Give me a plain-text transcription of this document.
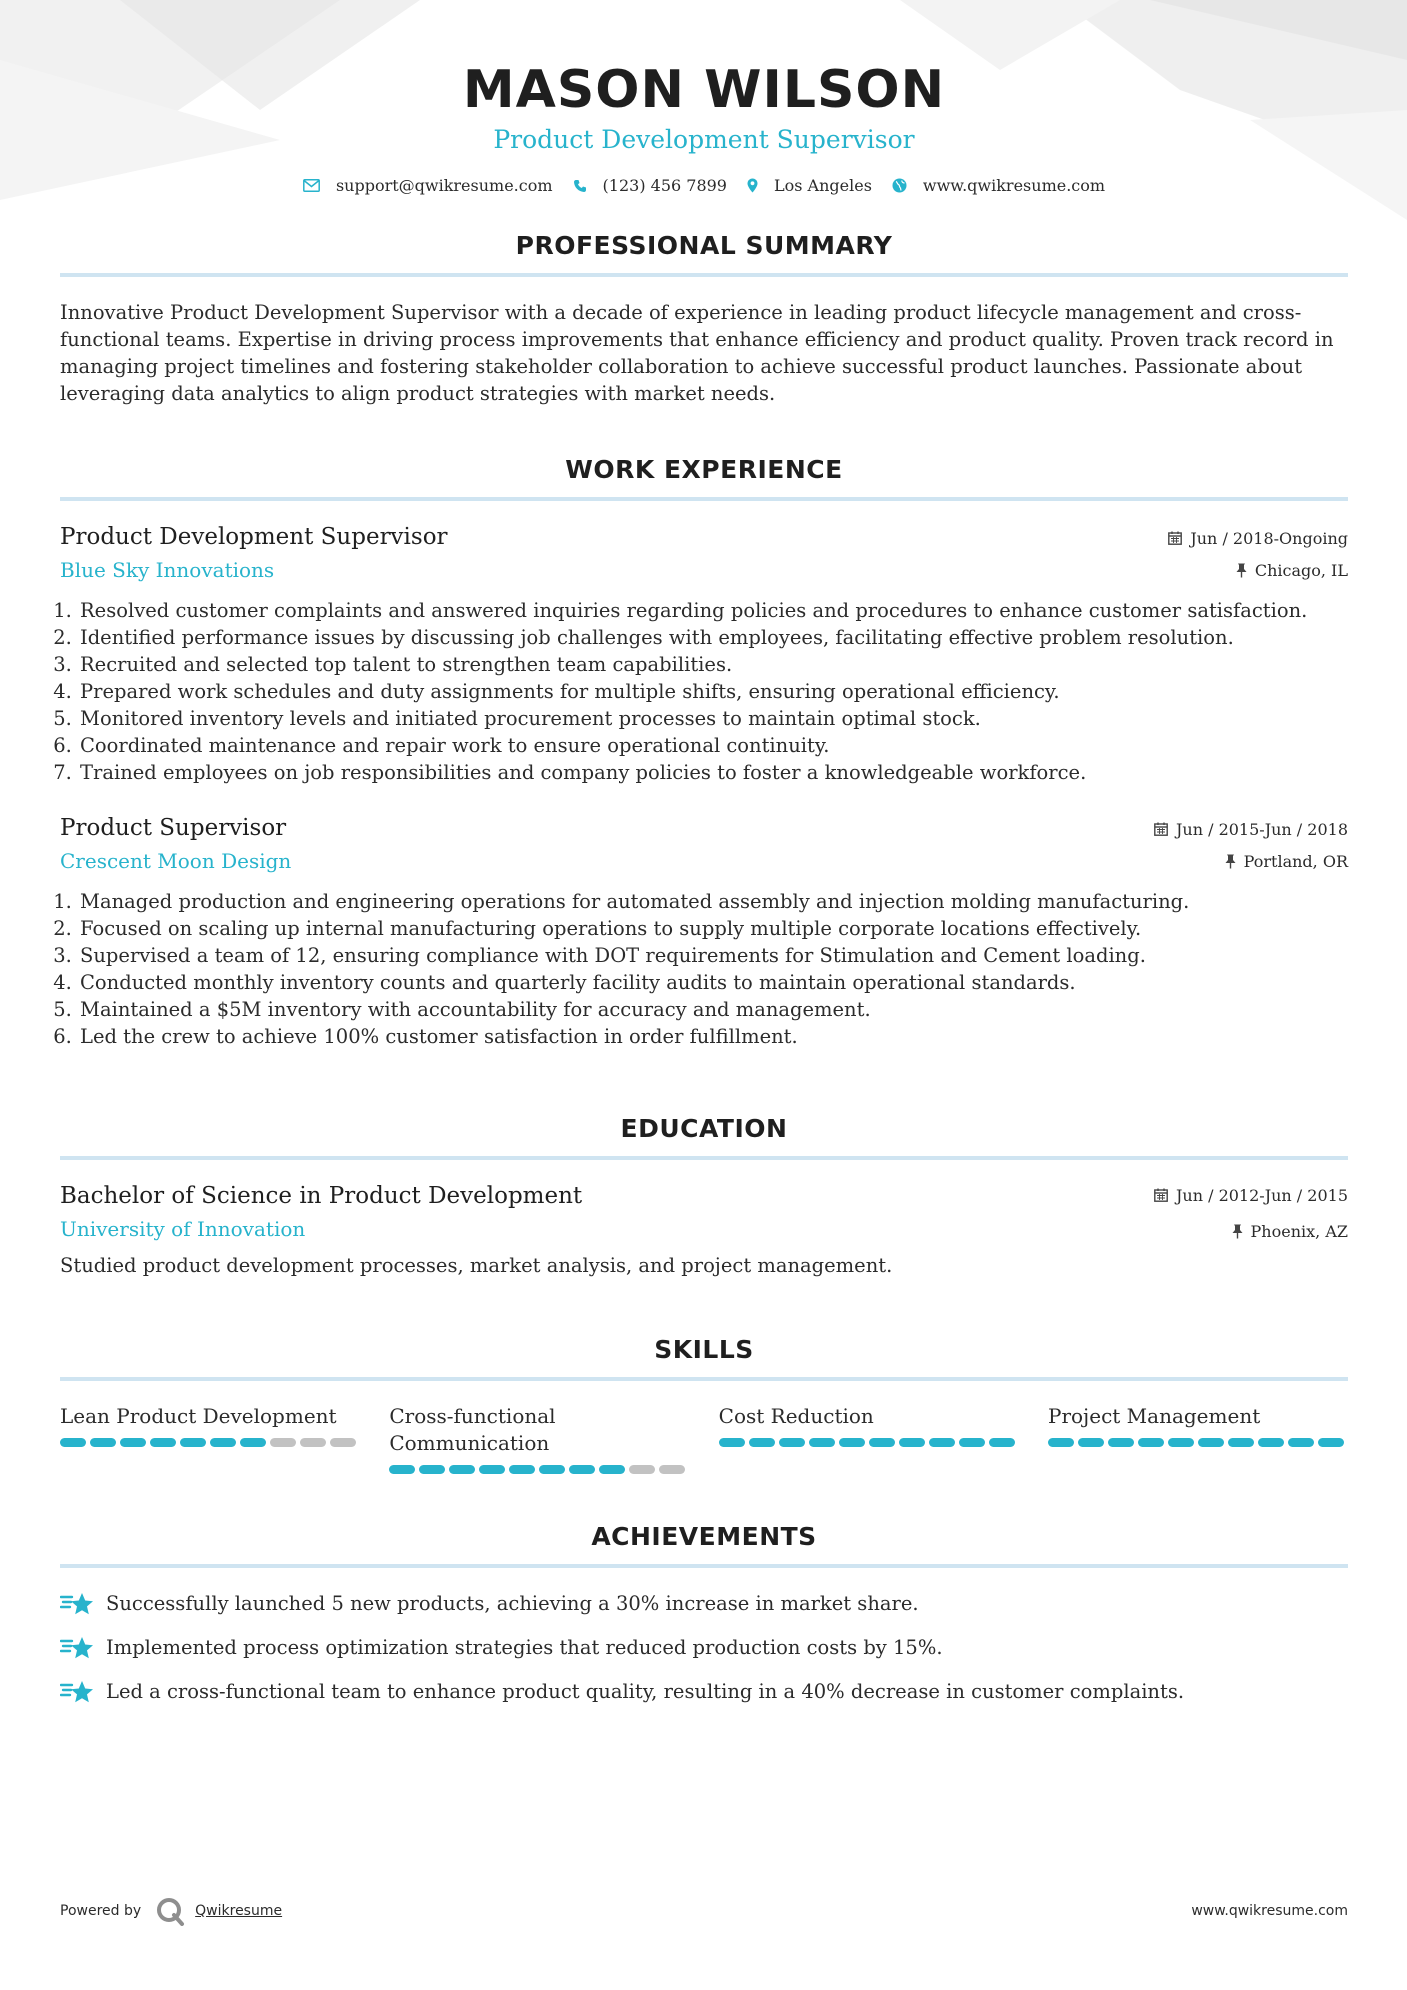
MASON WILSON
Product Development Supervisor
support@qwikresume.com	(123) 456 7899	Los Angeles	www.qwikresume.com
PROFESSIONAL SUMMARY
Innovative Product Development Supervisor with a decade of experience in leading product lifecycle management and cross-functional teams. Expertise in driving process improvements that enhance efficiency and product quality. Proven track record in managing project timelines and fostering stakeholder collaboration to achieve successful product launches. Passionate about leveraging data analytics to align product strategies with market needs.
WORK EXPERIENCE
Product Development Supervisor
Blue Sky Innovations
Jun / 2018-Ongoing
Chicago, IL
1. Resolved customer complaints and answered inquiries regarding policies and procedures to enhance customer satisfaction.
2. Identified performance issues by discussing job challenges with employees, facilitating effective problem resolution.
3. Recruited and selected top talent to strengthen team capabilities.
4. Prepared work schedules and duty assignments for multiple shifts, ensuring operational efficiency.
5. Monitored inventory levels and initiated procurement processes to maintain optimal stock.
6. Coordinated maintenance and repair work to ensure operational continuity.
7. Trained employees on job responsibilities and company policies to foster a knowledgeable workforce.
Product Supervisor
Crescent Moon Design
Jun / 2015-Jun / 2018
Portland, OR
1. Managed production and engineering operations for automated assembly and injection molding manufacturing.
2. Focused on scaling up internal manufacturing operations to supply multiple corporate locations effectively.
3. Supervised a team of 12, ensuring compliance with DOT requirements for Stimulation and Cement loading.
4. Conducted monthly inventory counts and quarterly facility audits to maintain operational standards.
5. Maintained a $5M inventory with accountability for accuracy and management.
6. Led the crew to achieve 100% customer satisfaction in order fulfillment.
EDUCATION
Bachelor of Science in Product Development
University of Innovation
Jun / 2012-Jun / 2015
Phoenix, AZ
Studied product development processes, market analysis, and project management.
SKILLS
Lean Product Development	Cross-functional Communication
Cost Reduction	Project Management
ACHIEVEMENTS
Successfully launched 5 new products, achieving a 30% increase in market share.
Implemented process optimization strategies that reduced production costs by 15%.
Led a cross-functional team to enhance product quality, resulting in a 40% decrease in customer complaints.
Powered by	Qwikresume	www.qwikresume.com
